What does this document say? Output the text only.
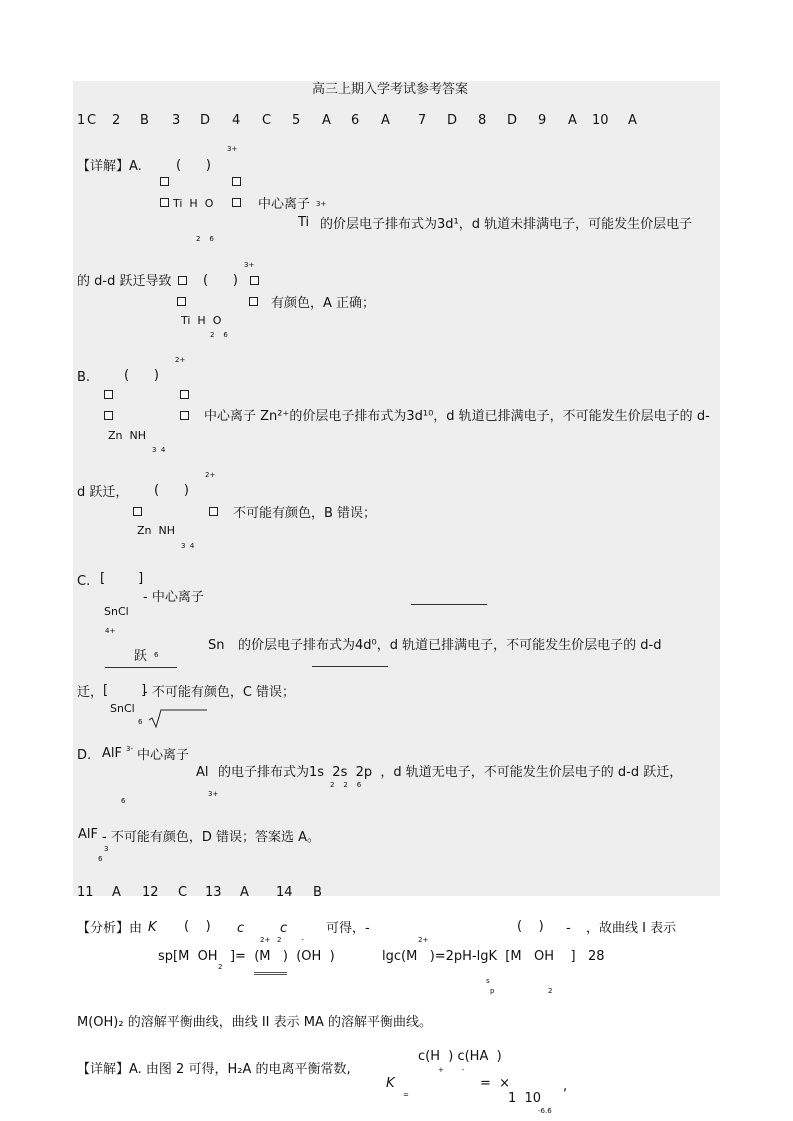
高三上期入学考试参考答案
1 C 2 B 3 D 4 C 5 A 6 A 7 D 8 D 9 A 10 A
【详解】A.	(      )
3+
Ti  H  O
2    6
中心离子 3+
Ti 的价层电子排布式为3d¹，d 轨道未排满电子，可能发生价层电子
3+
的 d-d 跃迁导致 (      )
有颜色，A 正确；
Ti  H  O
2    6
2+
B.	(      )
中心离子 Zn²⁺的价层电子排布式为3d¹⁰，d 轨道已排满电子，不可能发生价层电子的 d-
Zn  NH
3  4
2+
d 跃迁， (      )
不可能有颜色，B 错误；
Zn  NH
3  4
C. [        ]
- 中心离子
SnCl
4+
Sn 的价层电子排布式为4d⁰，d 轨道已排满电子，不可能发生价层电子的 d-d
跃 6
迁， [        ]
- 不可能有颜色，C 错误；
SnCl
6
D. AlF 3- 中心离子
Al 的电子排布式为1s  2s  2p  ，d 轨道无电子，不可能发生价层电子的 d-d 跃迁，
2    2    6
3+
6
AlF
3
6
- 不可能有颜色，D 错误；答案选 A。
11 A 12 C 13 A 14 B
【分析】由 K (    ) c	c	可得，-	(    ) - ，故曲线 I 表示
2+   2         -
sp[M  OH   ]=  (M   )  (OH  )
2
2+
lgc(M   )=2pH-lgK  [M   OH    ]   28
s
p	2
M(OH)₂ 的溶解平衡曲线，曲线 II 表示 MA 的溶解平衡曲线。
c(H  ) c(HA  )
+        -
【详解】A. 由图 2 可得，H₂A 的电离平衡常数,
K	=  ×	,
=	1  10
-6.6
